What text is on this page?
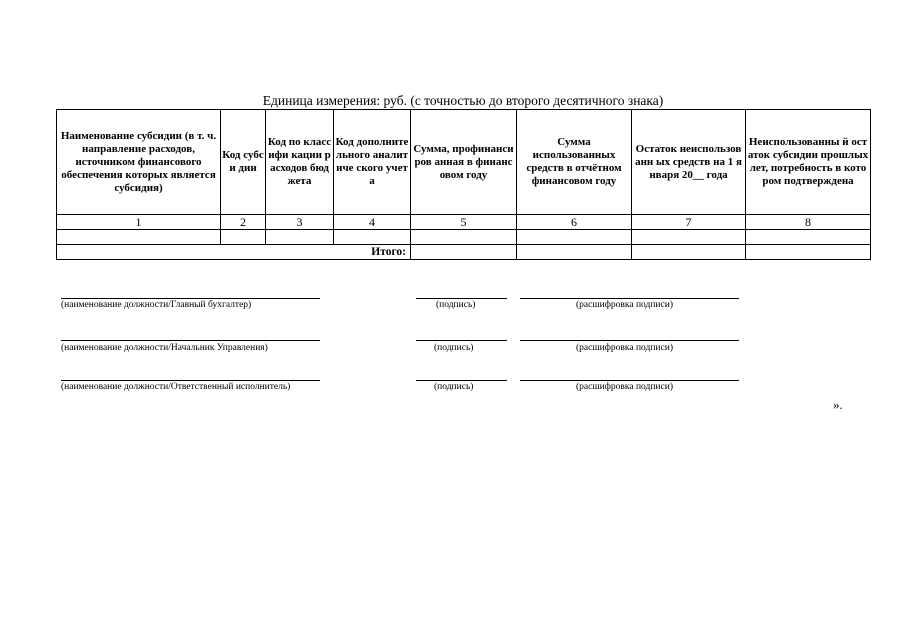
Единица измерения: руб. (с точностью до второго десятичного знака)
Наименование субсидии (в т. ч. направление расходов, источником финансового обеспечения которых является субсидия)	Код субси дии	Код по классифи кации расходов бюджета	Код дополните льного аналитиче ского учета	Сумма, профинансиров анная в финансовом году	Сумма использованных средств в отчётном финансовом году	Остаток неиспользованн ых средств на 1 января 20__ года	Неиспользованны й остаток субсидии прошлых лет, потребность в котором подтверждена
1	2	3	4	5	6	7	8

Итого:							
(наименование должности/Главный бухгалтер)	(подпись)	(расшифровка подписи)
(наименование должности/Начальник Управления)	(подпись)	(расшифровка подписи)
(наименование должности/Ответственный исполнитель)	(подпись)	(расшифровка подписи)
».
